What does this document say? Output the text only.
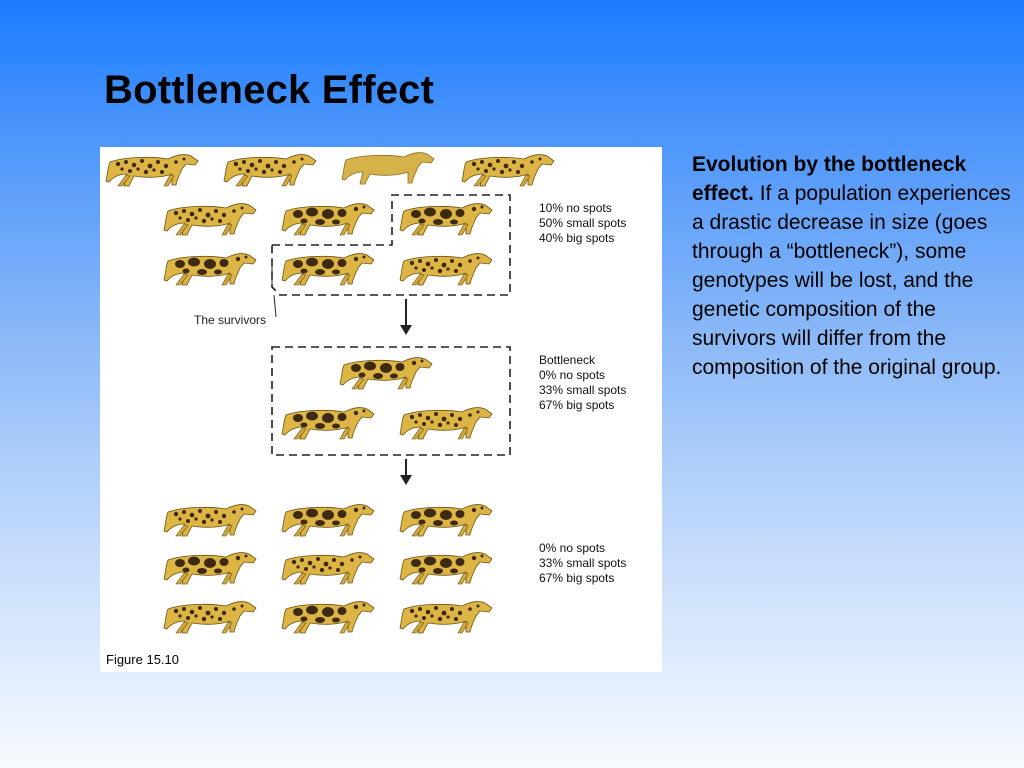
Bottleneck Effect
The survivors
10% no spots
50% small spots
40% big spots
Bottleneck
0% no spots
33% small spots
67% big spots
0% no spots
33% small spots
67% big spots
Figure 15.10
Evolution by the bottleneck effect. If a population experiences a drastic decrease in size (goes through a “bottleneck”), some genotypes will be lost, and the genetic composition of the survivors will differ from the composition of the original group.
